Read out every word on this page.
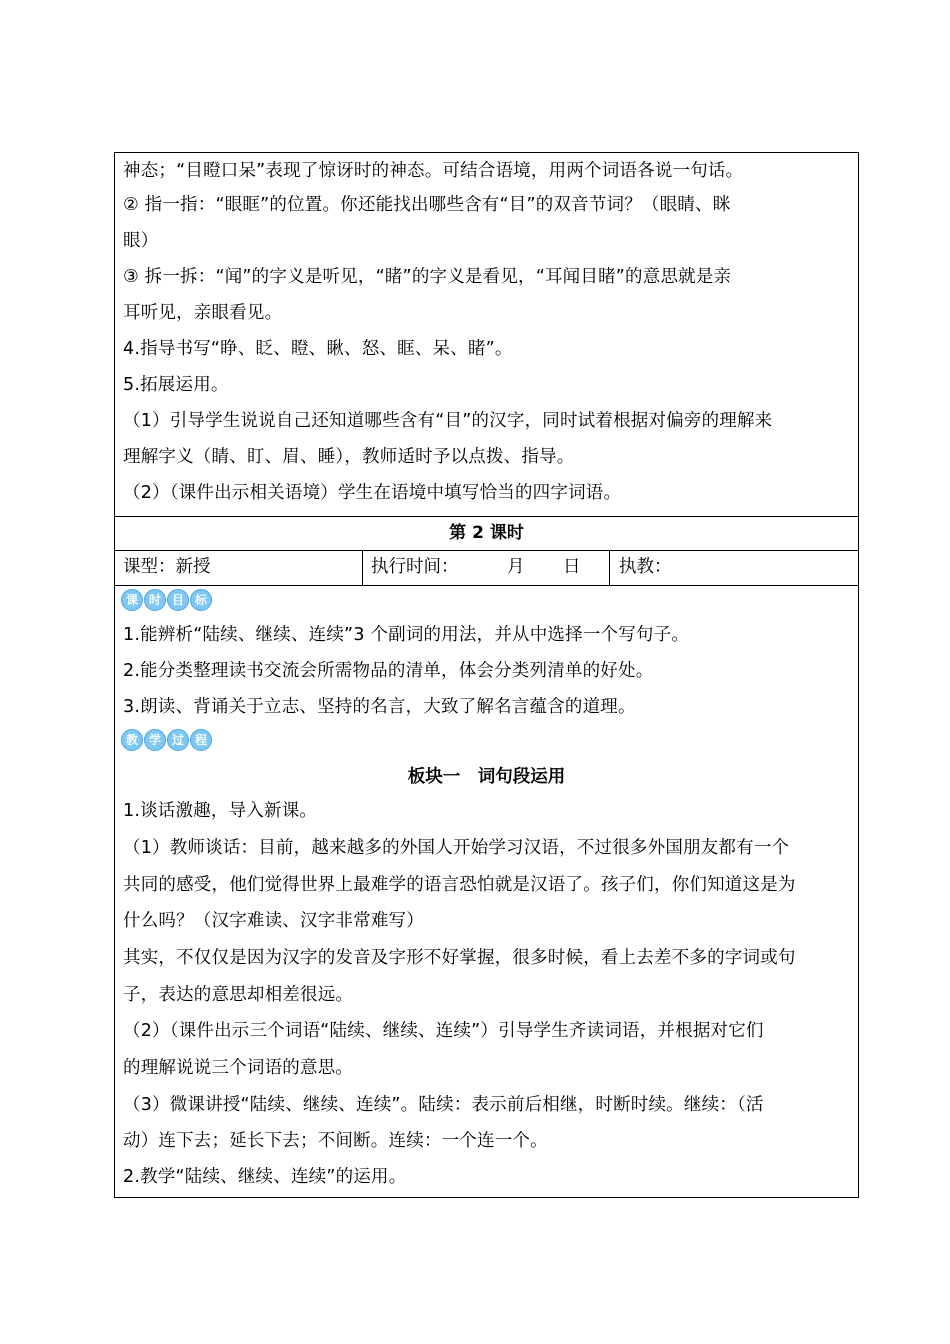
神态；“目瞪口呆”表现了惊讶时的神态。可结合语境，用两个词语各说一句话。
② 指一指：“眼眶”的位置。你还能找出哪些含有“目”的双音节词？（眼睛、眯
眼）
③ 拆一拆：“闻”的字义是听见，“睹”的字义是看见，“耳闻目睹”的意思就是亲
耳听见，亲眼看见。
4.指导书写“睁、眨、瞪、瞅、怒、眶、呆、睹”。
5.拓展运用。
（1）引导学生说说自己还知道哪些含有“目”的汉字，同时试着根据对偏旁的理解来
理解字义（睛、盯、眉、睡），教师适时予以点拨、指导。
（2）（课件出示相关语境）学生在语境中填写恰当的四字词语。
第 2 课时
课型：新授	执行时间：	月 日 执教：
课 时 目 标
1.能辨析“陆续、继续、连续”3 个副词的用法，并从中选择一个写句子。
2.能分类整理读书交流会所需物品的清单，体会分类列清单的好处。
3.朗读、背诵关于立志、坚持的名言，大致了解名言蕴含的道理。
教 学 过 程
板块一　词句段运用
1.谈话激趣，导入新课。
（1）教师谈话：目前，越来越多的外国人开始学习汉语，不过很多外国朋友都有一个
共同的感受，他们觉得世界上最难学的语言恐怕就是汉语了。孩子们，你们知道这是为
什么吗？（汉字难读、汉字非常难写）
其实，不仅仅是因为汉字的发音及字形不好掌握，很多时候，看上去差不多的字词或句
子，表达的意思却相差很远。
（2）（课件出示三个词语“陆续、继续、连续”）引导学生齐读词语，并根据对它们
的理解说说三个词语的意思。
（3）微课讲授“陆续、继续、连续”。陆续：表示前后相继，时断时续。继续：（活
动）连下去；延长下去；不间断。连续：一个连一个。
2.教学“陆续、继续、连续”的运用。
